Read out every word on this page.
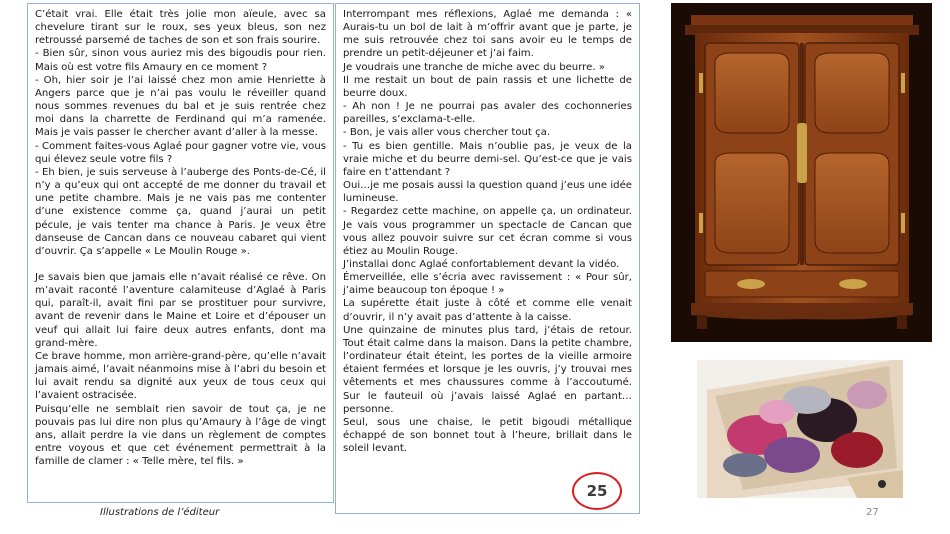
C’était vrai. Elle était très jolie mon aïeule, avec sa chevelure tirant sur le roux, ses yeux bleus, son nez retroussé parsemé de taches de son et son frais sourire.

- Bien sûr, sinon vous auriez mis des bigoudis pour rien. Mais où est votre fils Amaury en ce moment ?

- Oh, hier soir je l’ai laissé chez mon amie Henriette à Angers parce que je n’ai pas voulu le réveiller quand nous sommes revenues du bal et je suis rentrée chez moi dans la charrette de Ferdinand qui m’a ramenée. Mais je vais passer le chercher avant d’aller à la messe.

- Comment faites-vous Aglaé pour gagner votre vie, vous qui élevez seule votre fils ?

- Eh bien, je suis serveuse à l’auberge des Ponts-de-Cé, il n’y a qu’eux qui ont accepté de me donner du travail et une petite chambre. Mais je ne vais pas me contenter d’une existence comme ça, quand j’aurai un petit pécule, je vais tenter ma chance à Paris. Je veux être danseuse de Cancan dans ce nouveau cabaret qui vient d’ouvrir. Ça s’appelle « Le Moulin Rouge ».

Je savais bien que jamais elle n’avait réalisé ce rêve. On m’avait raconté l’aventure calamiteuse d’Aglaé à Paris qui, paraît-il, avait fini par se prostituer pour survivre, avant de revenir dans le Maine et Loire et d’épouser un veuf qui allait lui faire deux autres enfants, dont ma grand-mère.

Ce brave homme, mon arrière-grand-père, qu’elle n’avait jamais aimé, l’avait néanmoins mise à l’abri du besoin et lui avait rendu sa dignité aux yeux de tous ceux qui l’avaient ostracisée.

Puisqu’elle ne semblait rien savoir de tout ça, je ne pouvais pas lui dire non plus qu’Amaury à l’âge de vingt ans, allait perdre la vie dans un règlement de comptes entre voyous et que cet événement permettrait à la famille de clamer : « Telle mère, tel fils. »

Interrompant mes réflexions, Aglaé me demanda : « Aurais-tu un bol de lait à m’offrir avant que je parte, je me suis retrouvée chez toi sans avoir eu le temps de prendre un petit-déjeuner et j’ai faim.

Je voudrais une tranche de miche avec du beurre. »

Il me restait un bout de pain rassis et une lichette de beurre doux.

- Ah non ! Je ne pourrai pas avaler des cochonneries pareilles, s’exclama-t-elle.

- Bon, je vais aller vous chercher tout ça.

- Tu es bien gentille. Mais n’oublie pas, je veux de la vraie miche et du beurre demi-sel. Qu’est-ce que je vais faire en t’attendant ?

Oui…je me posais aussi la question quand j’eus une idée lumineuse.

- Regardez cette machine, on appelle ça, un ordinateur. Je vais vous programmer un spectacle de Cancan que vous allez pouvoir suivre sur cet écran comme si vous étiez au Moulin Rouge.

J’installai donc Aglaé confortablement devant la vidéo.

Émerveillée, elle s’écria avec ravissement : « Pour sûr, j’aime beaucoup ton époque ! »

La supérette était juste à côté et comme elle venait d’ouvrir, il n’y avait pas d’attente à la caisse.

Une quinzaine de minutes plus tard, j’étais de retour. Tout était calme dans la maison. Dans la petite chambre, l’ordinateur était éteint, les portes de la vieille armoire étaient fermées et lorsque je les ouvris, j’y trouvai mes vêtements et mes chaussures comme à l’accoutumé. Sur le fauteuil où j’avais laissé Aglaé en partant…personne.

Seul, sous une chaise, le petit bigoudi métallique échappé de son bonnet tout à l’heure, brillait dans le soleil levant.

25
Illustrations de l’éditeur	27
